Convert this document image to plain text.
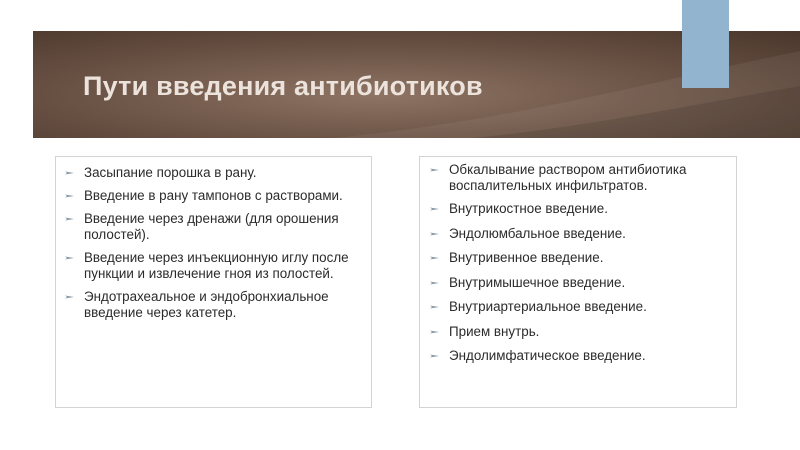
Пути введения антибиотиков
Засыпание порошка в рану.
Введение в рану тампонов с растворами.
Введение через дренажи (для орошения полостей).
Введение через инъекционную иглу после пункции и извлечение гноя из полостей.
Эндотрахеальное и эндобронхиальное введение через катетер.
Обкалывание раствором антибиотика воспалительных инфильтратов.
Внутрикостное введение.
Эндолюмбальное введение.
Внутривенное введение.
Внутримышечное введение.
Внутриартериальное введение.
Прием внутрь.
Эндолимфатическое введение.
